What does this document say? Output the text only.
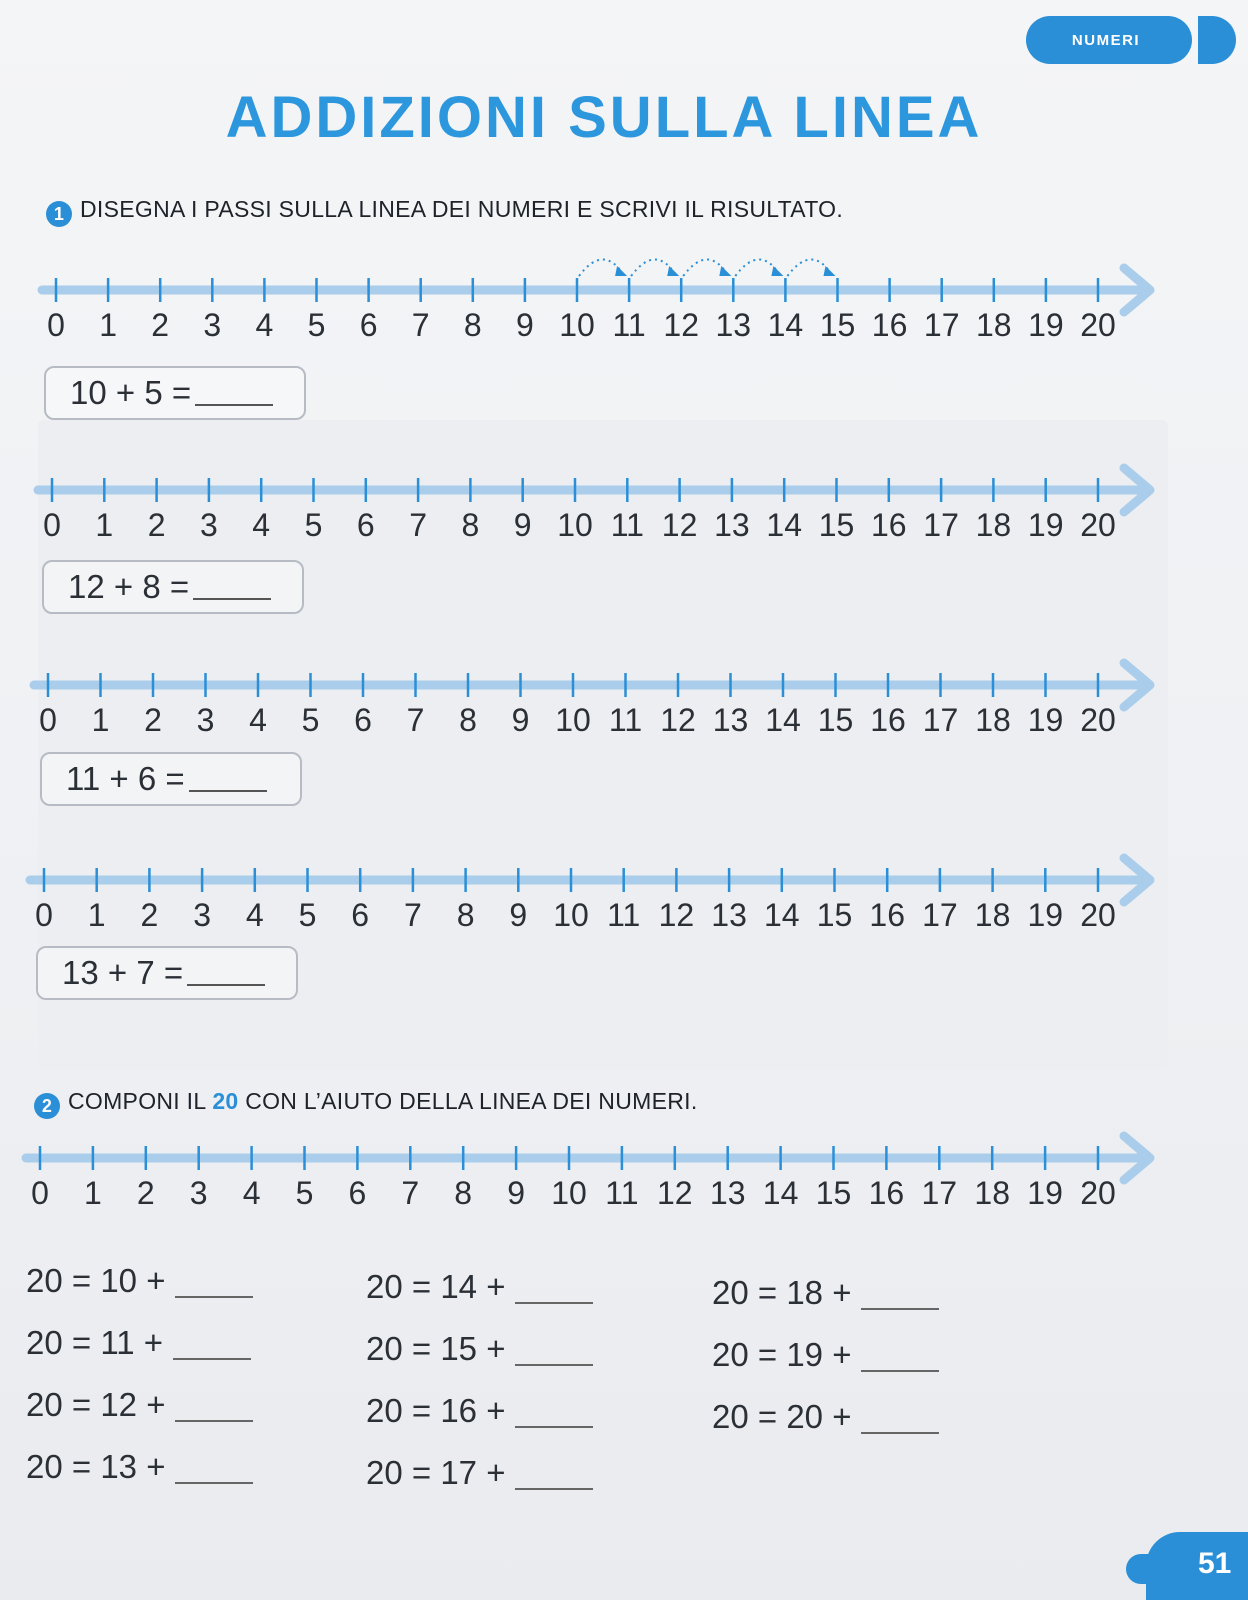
NUMERI
ADDIZIONI SULLA LINEA
1 DISEGNA I PASSI SULLA LINEA DEI NUMERI E SCRIVI IL RISULTATO.
0 1 2 3 4 5 6 7 8 9 10 11 12 13 14 15 16 17 18 19 20
0 1 2 3 4 5 6 7 8 9 10 11 12 13 14 15 16 17 18 19 20
0 1 2 3 4 5 6 7 8 9 10 11 12 13 14 15 16 17 18 19 20
0 1 2 3 4 5 6 7 8 9 10 11 12 13 14 15 16 17 18 19 20
0 1 2 3 4 5 6 7 8 9 10 11 12 13 14 15 16 17 18 19 20
10 + 5 =
12 + 8 =
11 + 6 =
13 + 7 =
2 COMPONI IL 20 CON L’AIUTO DELLA LINEA DEI NUMERI.
20 = 10 +
20 = 11 +
20 = 12 +
20 = 13 +
20 = 14 +
20 = 15 +
20 = 16 +
20 = 17 +
20 = 18 +
20 = 19 +
20 = 20 +
51
